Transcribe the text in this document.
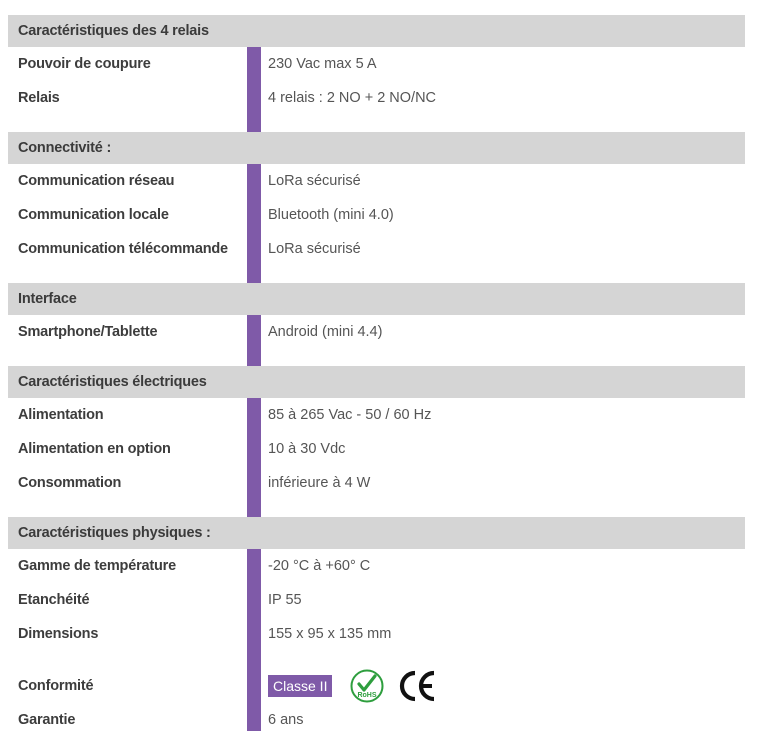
Caractéristiques des 4 relais
Pouvoir de coupure	230 Vac max 5 A
Relais	4 relais : 2 NO + 2 NO/NC
Connectivité :
Communication réseau	LoRa sécurisé
Communication locale	Bluetooth (mini 4.0)
Communication télécommande	LoRa sécurisé
Interface
Smartphone/Tablette	Android (mini 4.4)
Caractéristiques électriques
Alimentation	85 à 265 Vac - 50 / 60 Hz
Alimentation en option	10 à 30 Vdc
Consommation	inférieure à 4 W
Caractéristiques physiques :
Gamme de température	-20 °C à +60° C
Etanchéité	IP 55
Dimensions	155 x 95 x 135 mm
Conformité	Classe II
RoHS
Garantie	6 ans
